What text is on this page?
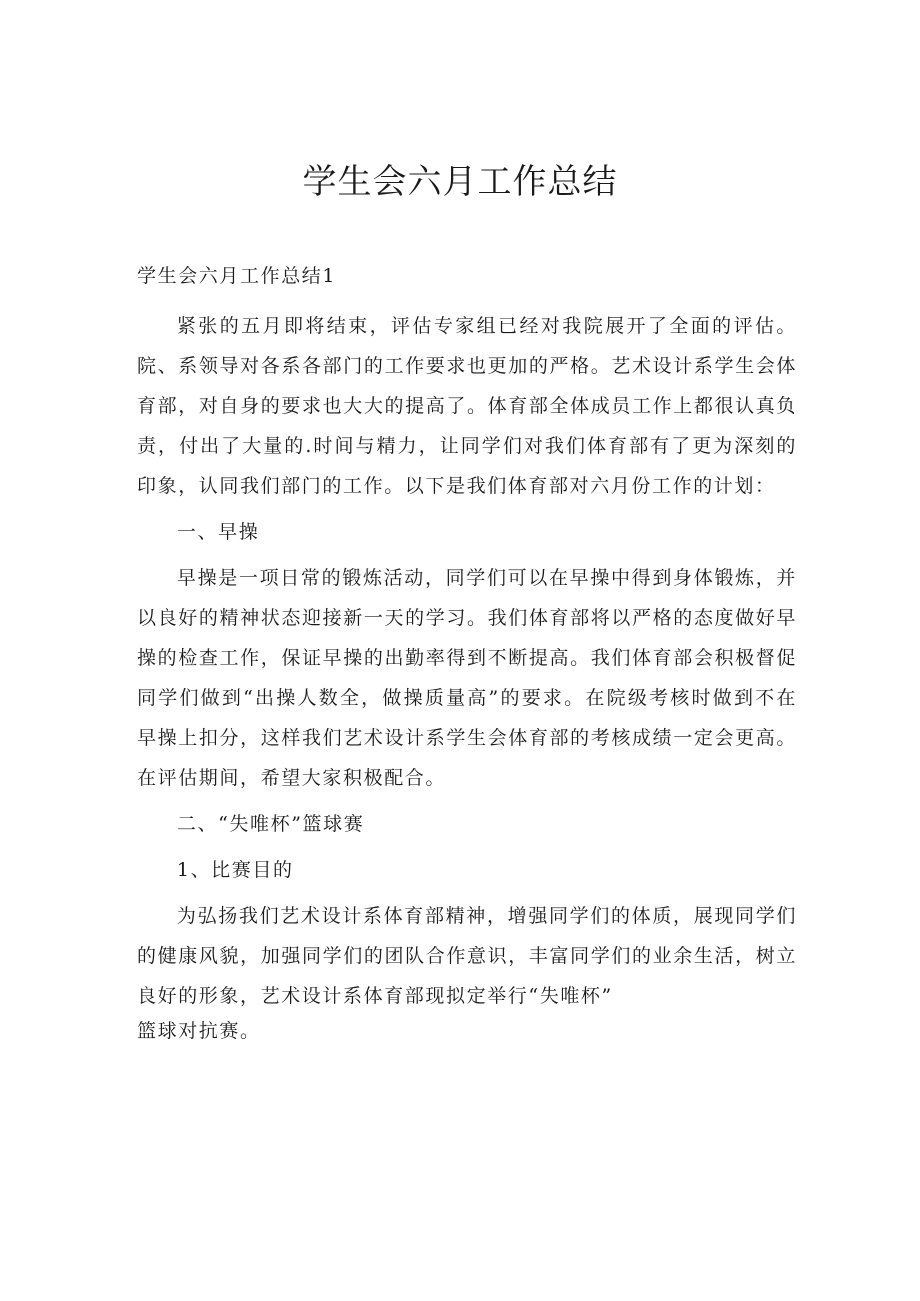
学生会六月工作总结

学生会六月工作总结1

紧张的五月即将结束，评估专家组已经对我院展开了全面的评估。院、系领导对各系各部门的工作要求也更加的严格。艺术设计系学生会体育部，对自身的要求也大大的提高了。体育部全体成员工作上都很认真负责，付出了大量的.时间与精力，让同学们对我们体育部有了更为深刻的印象，认同我们部门的工作。以下是我们体育部对六月份工作的计划：

一、早操

早操是一项日常的锻炼活动，同学们可以在早操中得到身体锻炼，并以良好的精神状态迎接新一天的学习。我们体育部将以严格的态度做好早操的检查工作，保证早操的出勤率得到不断提高。我们体育部会积极督促同学们做到“出操人数全，做操质量高”的要求。在院级考核时做到不在早操上扣分，这样我们艺术设计系学生会体育部的考核成绩一定会更高。在评估期间，希望大家积极配合。

二、“失唯杯”篮球赛

1、比赛目的

为弘扬我们艺术设计系体育部精神，增强同学们的体质，展现同学们的健康风貌，加强同学们的团队合作意识，丰富同学们的业余生活，树立良好的形象，艺术设计系体育部现拟定举行“失唯杯”

篮球对抗赛。
